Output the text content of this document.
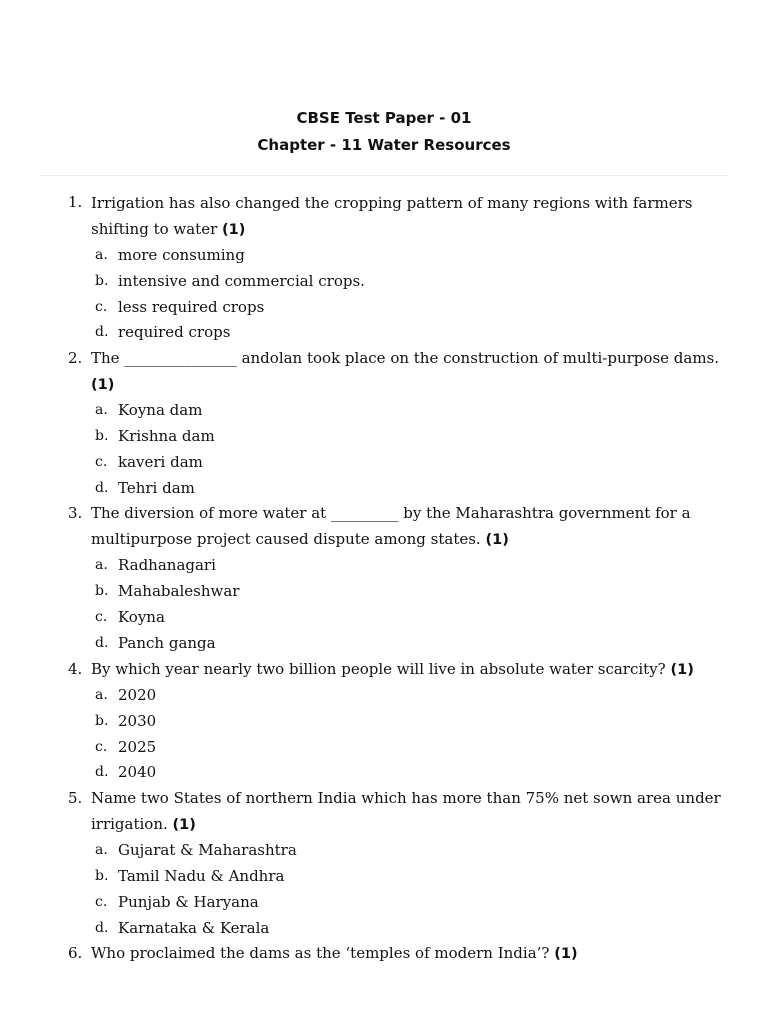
CBSE Test Paper - 01
Chapter - 11 Water Resources
1. Irrigation has also changed the cropping pattern of many regions with farmers shifting to water (1)
a. more consuming
b. intensive and commercial crops.
c. less required crops
d. required crops
2. The _______________ andolan took place on the construction of multi-purpose dams. (1)
a. Koyna dam
b. Krishna dam
c. kaveri dam
d. Tehri dam
3. The diversion of more water at _________ by the Maharashtra government for a multipurpose project caused dispute among states. (1)
a. Radhanagari
b. Mahabaleshwar
c. Koyna
d. Panch ganga
4. By which year nearly two billion people will live in absolute water scarcity? (1)
a. 2020
b. 2030
c. 2025
d. 2040
5. Name two States of northern India which has more than 75% net sown area under irrigation. (1)
a. Gujarat & Maharashtra
b. Tamil Nadu & Andhra
c. Punjab & Haryana
d. Karnataka & Kerala
6. Who proclaimed the dams as the ‘temples of modern India’? (1)
